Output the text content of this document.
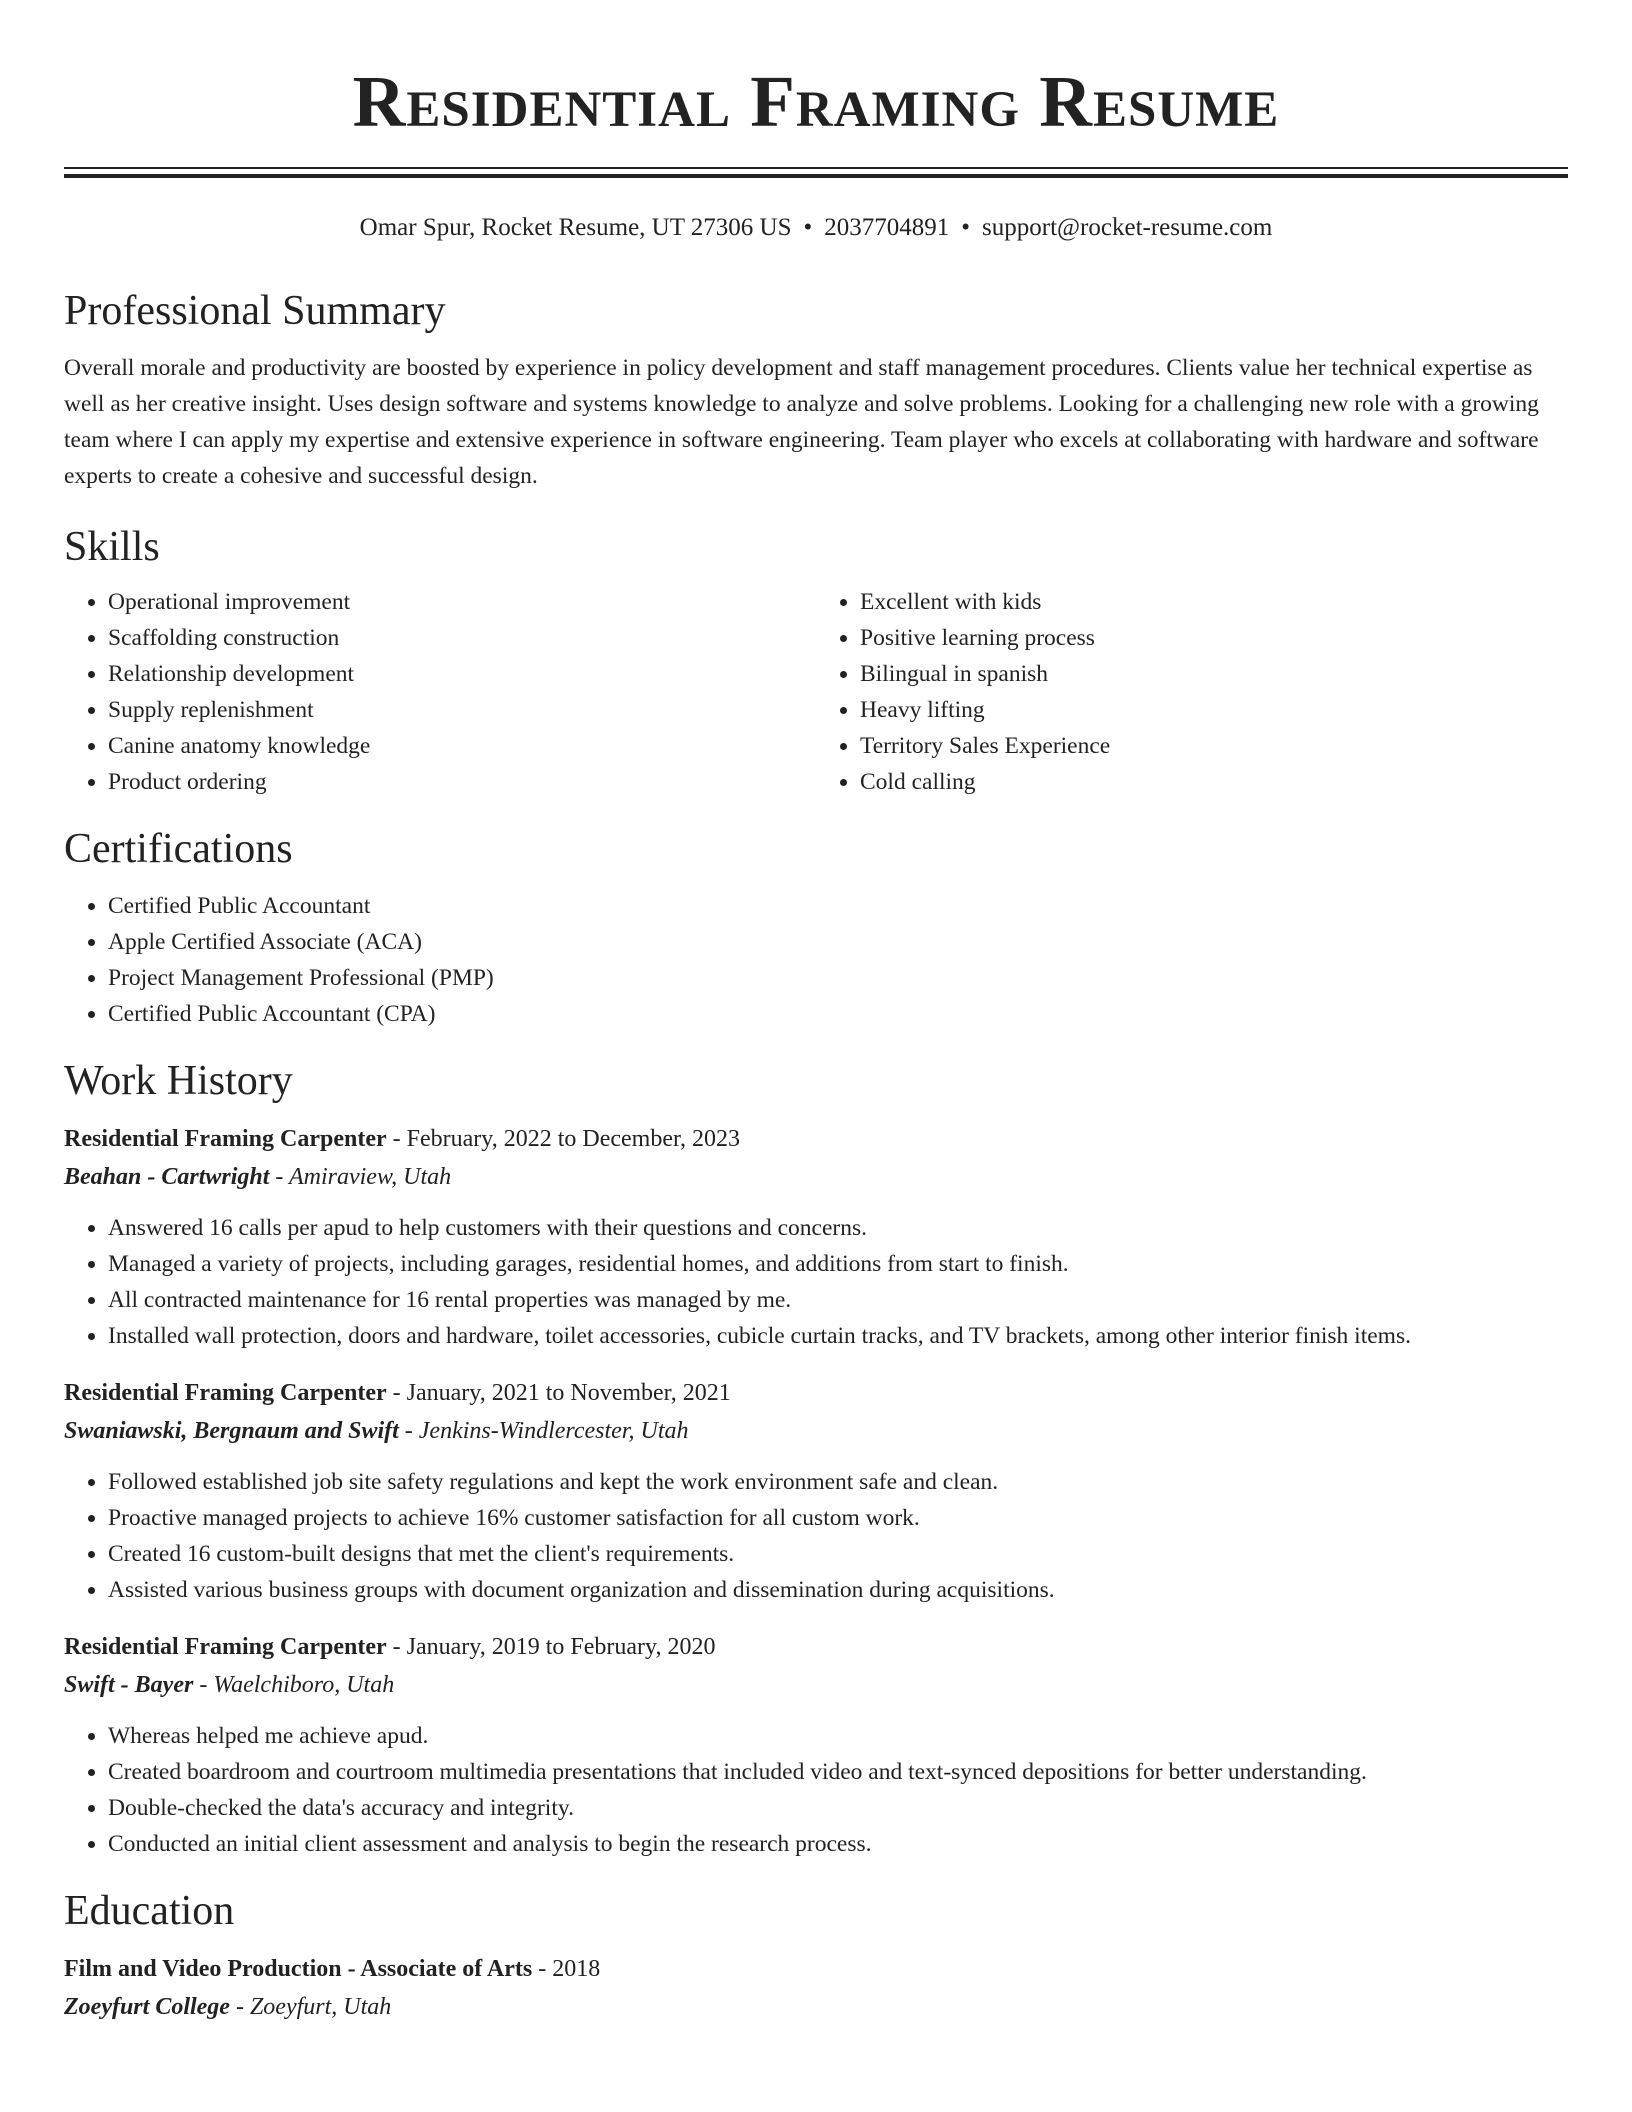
Residential Framing Resume
Omar Spur, Rocket Resume, UT 27306 US • 2037704891 • support@rocket-resume.com
Professional Summary

Overall morale and productivity are boosted by experience in policy development and staff management procedures. Clients value her technical expertise as well as her creative insight. Uses design software and systems knowledge to analyze and solve problems. Looking for a challenging new role with a growing team where I can apply my expertise and extensive experience in software engineering. Team player who excels at collaborating with hardware and software experts to create a cohesive and successful design.

Skills
• Operational improvement
• Scaffolding construction
• Relationship development
• Supply replenishment
• Canine anatomy knowledge
• Product ordering
• Excellent with kids
• Positive learning process
• Bilingual in spanish
• Heavy lifting
• Territory Sales Experience
• Cold calling
Certifications
• Certified Public Accountant
• Apple Certified Associate (ACA)
• Project Management Professional (PMP)
• Certified Public Accountant (CPA)
Work History
Residential Framing Carpenter - February, 2022 to December, 2023
Beahan - Cartwright - Amiraview, Utah
• Answered 16 calls per apud to help customers with their questions and concerns.
• Managed a variety of projects, including garages, residential homes, and additions from start to finish.
• All contracted maintenance for 16 rental properties was managed by me.
• Installed wall protection, doors and hardware, toilet accessories, cubicle curtain tracks, and TV brackets, among other interior finish items.
Residential Framing Carpenter - January, 2021 to November, 2021
Swaniawski, Bergnaum and Swift - Jenkins-Windlercester, Utah
• Followed established job site safety regulations and kept the work environment safe and clean.
• Proactive managed projects to achieve 16% customer satisfaction for all custom work.
• Created 16 custom-built designs that met the client's requirements.
• Assisted various business groups with document organization and dissemination during acquisitions.
Residential Framing Carpenter - January, 2019 to February, 2020
Swift - Bayer - Waelchiboro, Utah
• Whereas helped me achieve apud.
• Created boardroom and courtroom multimedia presentations that included video and text-synced depositions for better understanding.
• Double-checked the data's accuracy and integrity.
• Conducted an initial client assessment and analysis to begin the research process.
Education
Film and Video Production - Associate of Arts - 2018
Zoeyfurt College - Zoeyfurt, Utah
